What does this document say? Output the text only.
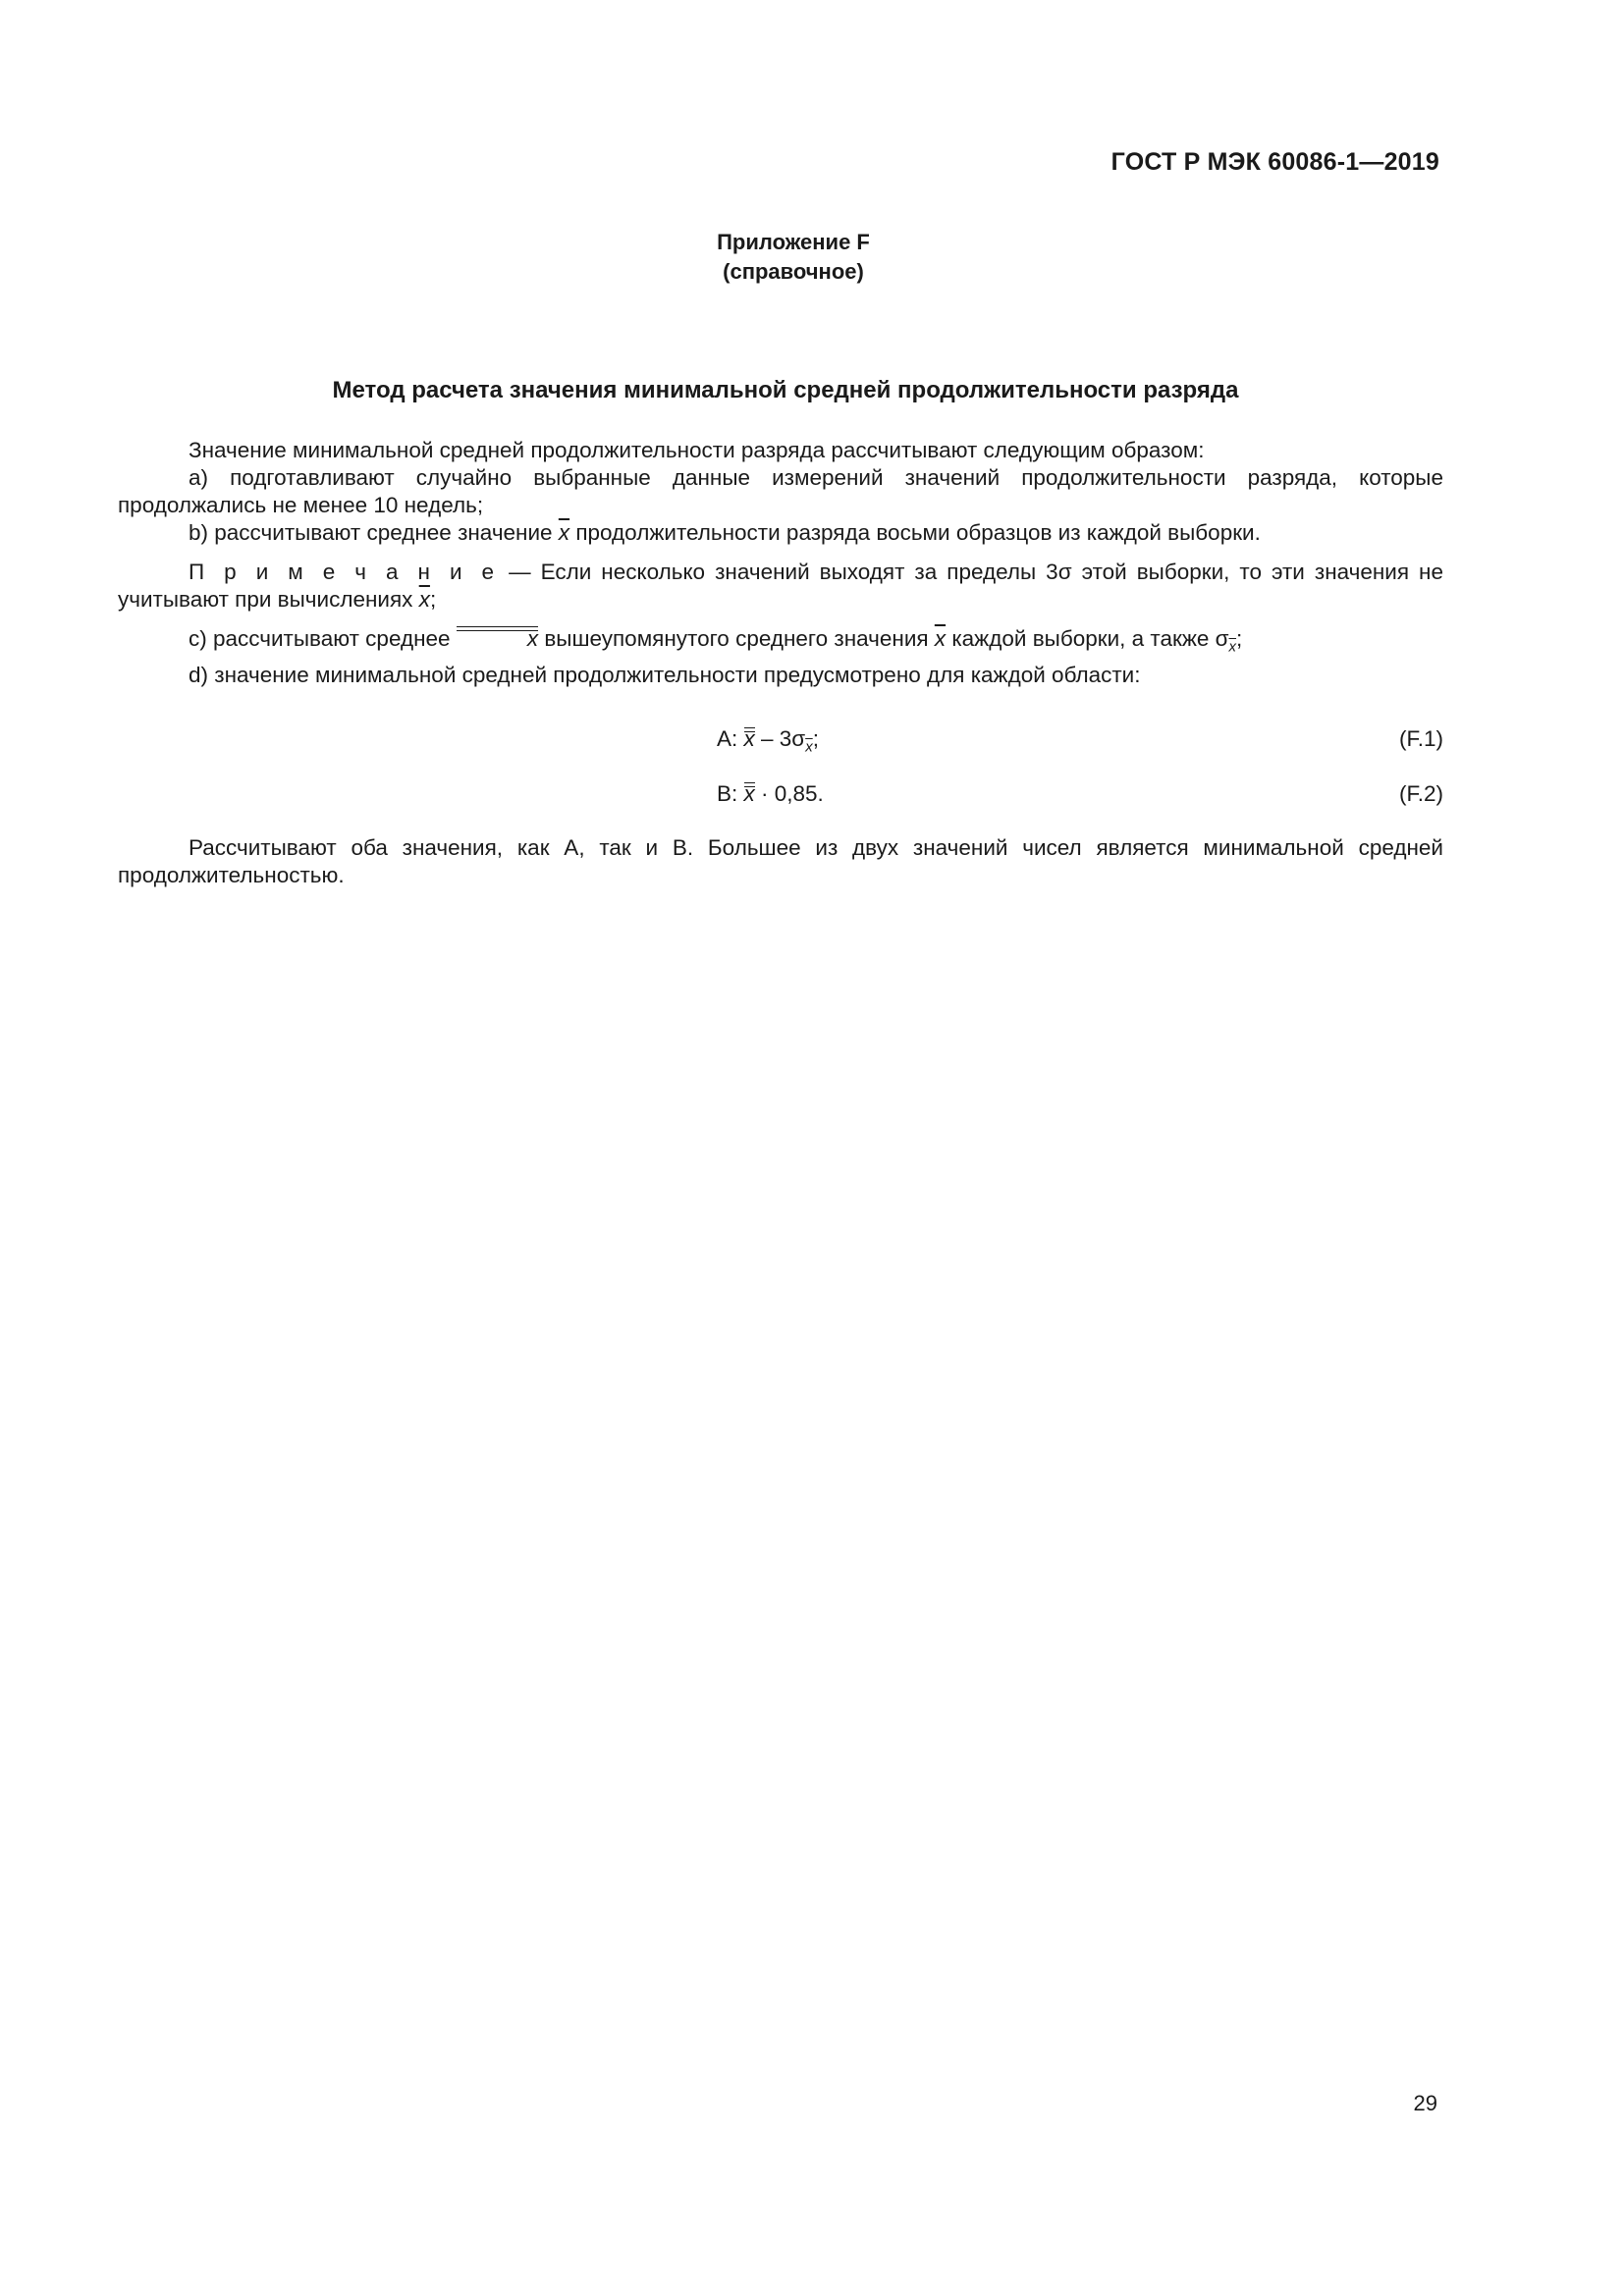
ГОСТ Р МЭК 60086-1—2019
Приложение F
(справочное)
Метод расчета значения минимальной средней продолжительности разряда

Значение минимальной средней продолжительности разряда рассчитывают следующим образом:

а) подготавливают случайно выбранные данные измерений значений продолжительности разряда, которые продолжались не менее 10 недель;

b) рассчитывают среднее значение $\overline{x}$ продолжительности разряда восьми образцов из каждой выборки.

П р и м е ч а н и е — Если несколько значений выходят за пределы 3σ этой выборки, то эти значения не учитывают при вычислениях $\overline{x}$;

с) рассчитывают среднее	x вышеупомянутого среднего значения $\overline{x}$ каждой выборки, а также $\sigma_{\overline{x}}$;

d) значение минимальной средней продолжительности предусмотрено для каждой области:

А: x – $3\sigma_{\overline{x}}$;	(F.1)
В: x · 0,85.	(F.2)

Рассчитывают оба значения, как А, так и В. Большее из двух значений чисел является минимальной средней продолжительностью.

29
